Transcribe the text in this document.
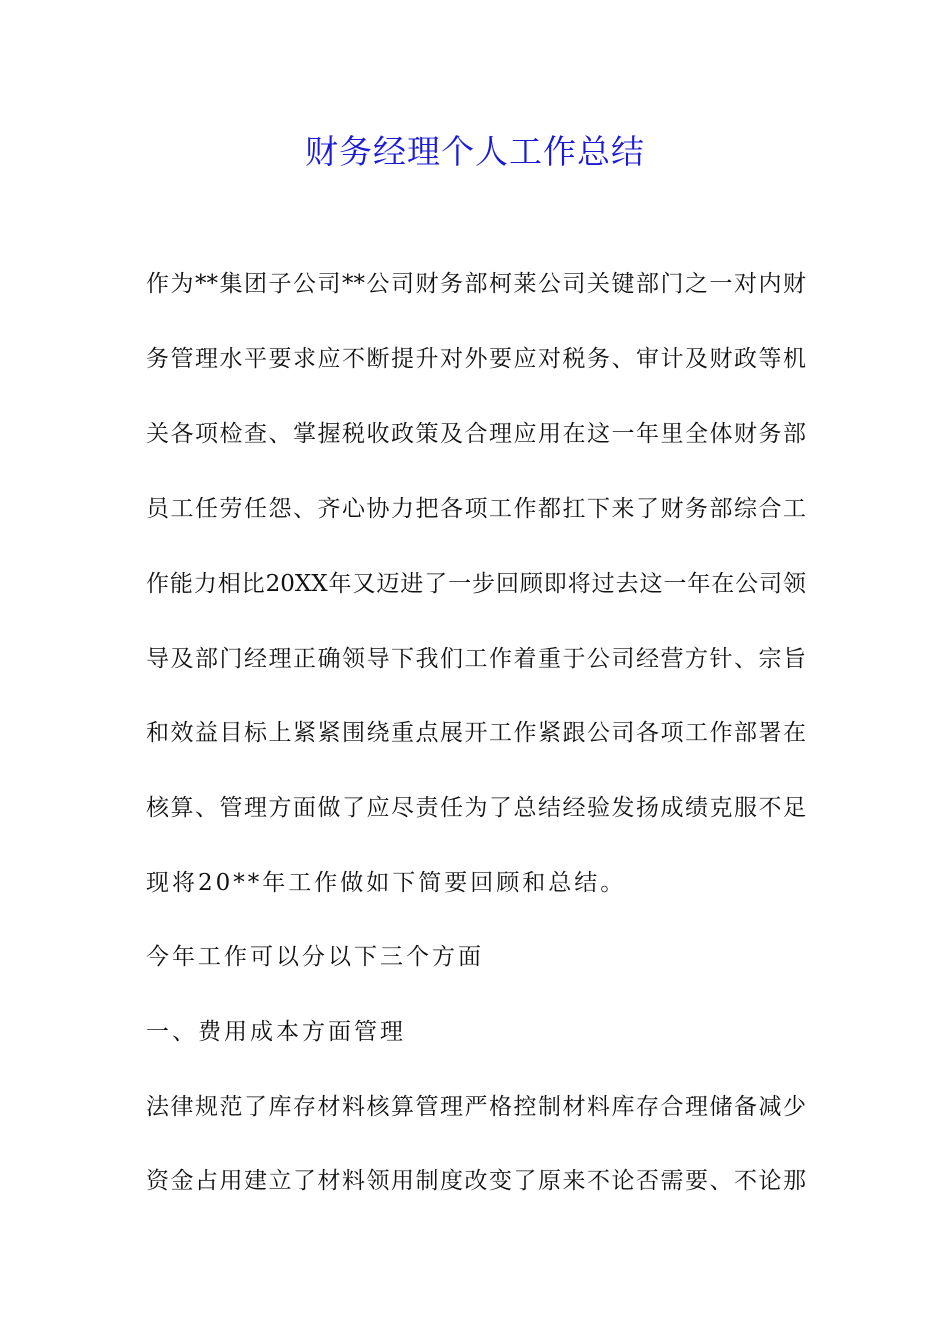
财务经理个人工作总结
作为**集团子公司**公司财务部柯莱公司关键部门之一对内财
务管理水平要求应不断提升对外要应对税务、审计及财政等机
关各项检查、掌握税收政策及合理应用在这一年里全体财务部
员工任劳任怨、齐心协力把各项工作都扛下来了财务部综合工
作能力相比20XX年又迈进了一步回顾即将过去这一年在公司领
导及部门经理正确领导下我们工作着重于公司经营方针、宗旨
和效益目标上紧紧围绕重点展开工作紧跟公司各项工作部署在
核算、管理方面做了应尽责任为了总结经验发扬成绩克服不足
现将20**年工作做如下简要回顾和总结。
今年工作可以分以下三个方面
一、费用成本方面管理
法律规范了库存材料核算管理严格控制材料库存合理储备减少
资金占用建立了材料领用制度改变了原来不论否需要、不论那
